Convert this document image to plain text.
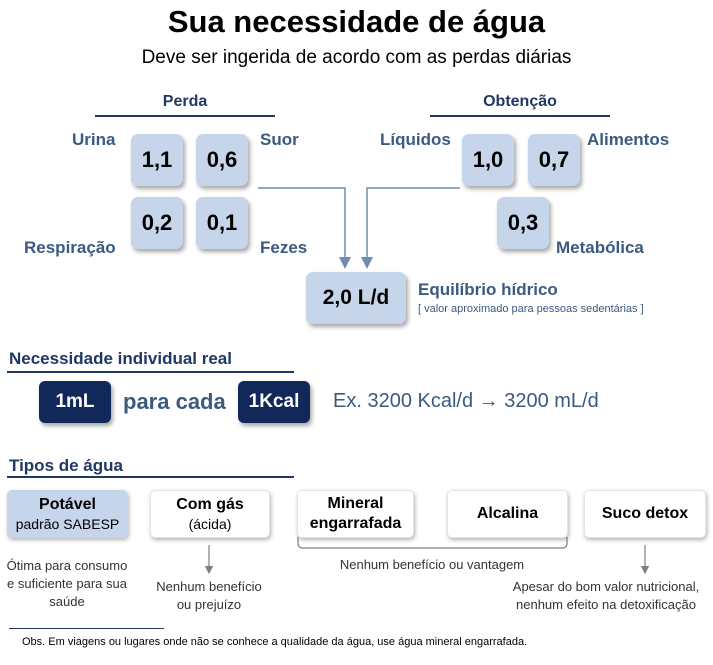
Sua necessidade de água
Deve ser ingerida de acordo com as perdas diárias
Perda
Urina
1,1	0,6
Suor
0,2	0,1
Respiração	Fezes
Obtenção
Líquidos
1,0	0,7
Alimentos
0,3
Metabólica
2,0 L/d	Equilíbrio hídrico
[ valor aproximado para pessoas sedentárias ]
Necessidade individual real
1mL	para cada	1Kcal	Ex. 3200 Kcal/d → 3200 mL/d
Tipos de água
Potável
padrão SABESP
Com gás
(ácida)
Mineral
engarrafada
Alcalina	Suco detox
Ótima para consumo
e suficiente para sua
saúde
Nenhum benefício
ou prejuízo
Nenhum benefício ou vantagem
Apesar do bom valor nutricional,
nenhum efeito na detoxificação
Obs. Em viagens ou lugares onde não se conhece a qualidade da água, use água mineral engarrafada.
